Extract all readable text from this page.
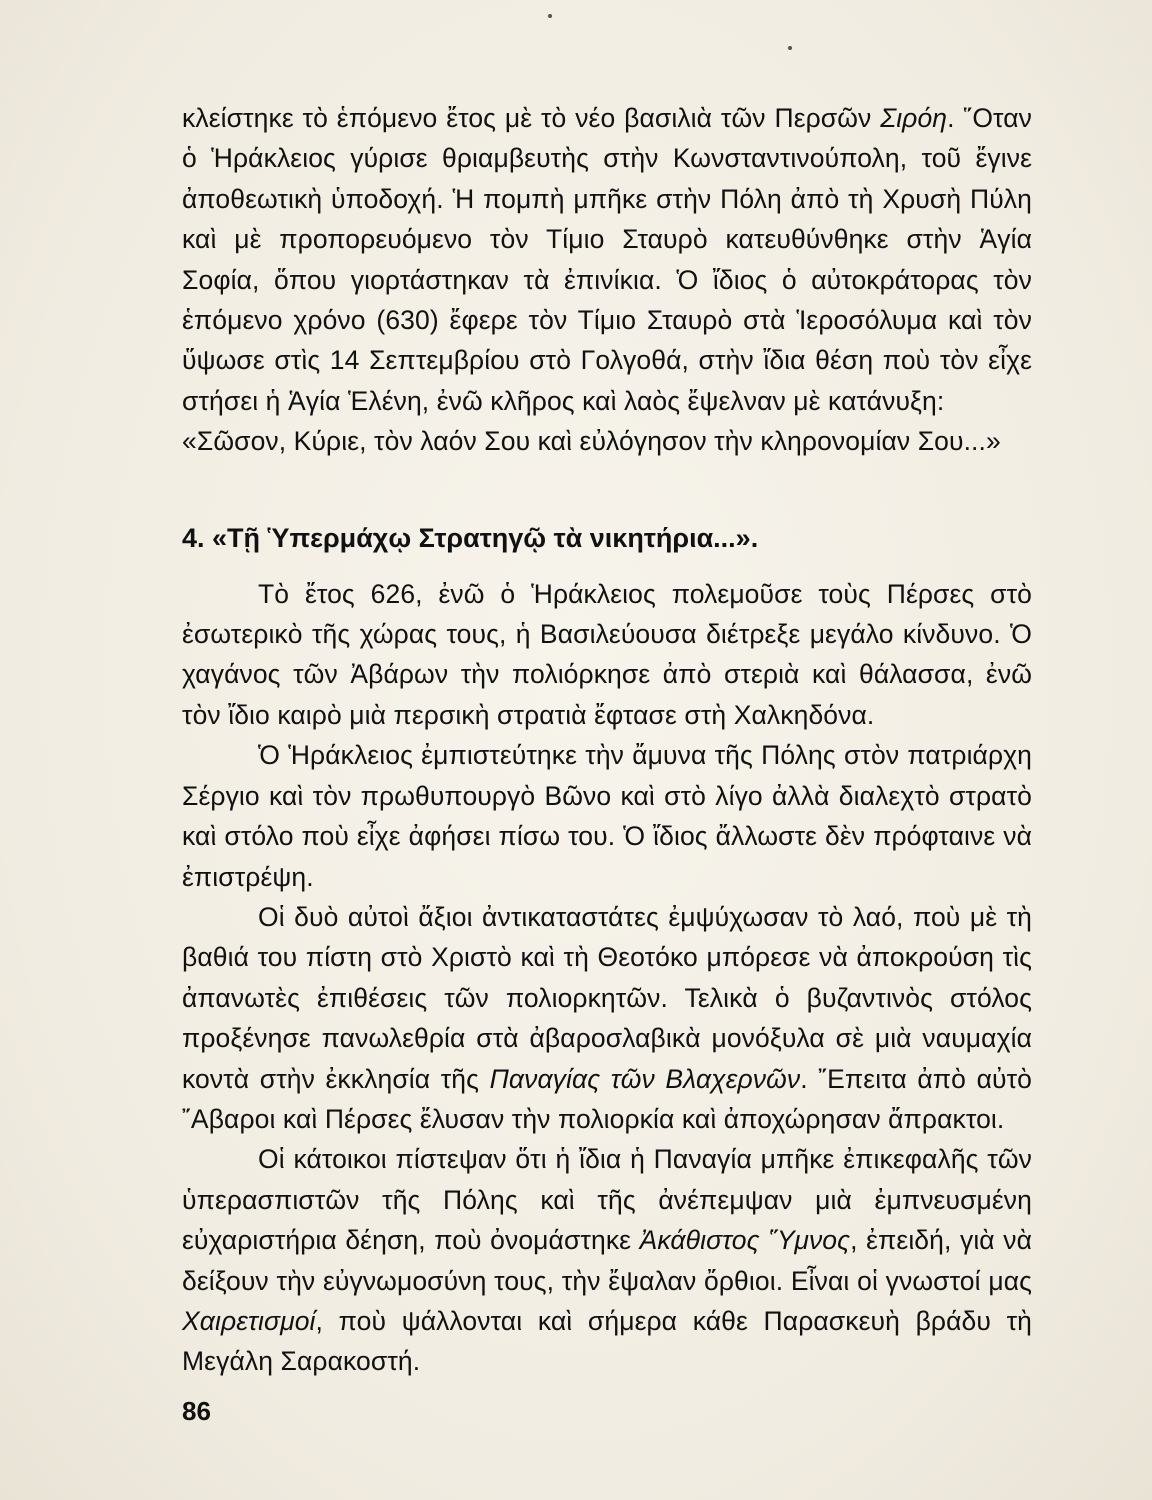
κλείστηκε τὸ ἑπόμενο ἔτος μὲ τὸ νέο βασιλιὰ τῶν Περσῶν Σιρόη. ῞Οταν ὁ Ἡράκλειος γύρισε θριαμβευτὴς στὴν Κωνσταντινούπολη, τοῦ ἔγινε ἀποθεωτικὴ ὑποδοχή. Ἡ πομπὴ μπῆκε στὴν Πόλη ἀπὸ τὴ Χρυσὴ Πύλη καὶ μὲ προπορευόμενο τὸν Τίμιο Σταυρὸ κατευθύνθηκε στὴν Ἁγία Σοφία, ὅπου γιορτάστηκαν τὰ ἐπινίκια. Ὁ ἴδιος ὁ αὐτοκράτορας τὸν ἑπόμενο χρόνο (630) ἔφερε τὸν Τίμιο Σταυρὸ στὰ Ἱεροσόλυμα καὶ τὸν ὕψωσε στὶς 14 Σεπτεμβρίου στὸ Γολγοθά, στὴν ἴδια θέση ποὺ τὸν εἶχε στήσει ἡ Ἁγία Ἑλένη, ἐνῶ κλῆρος καὶ λαὸς ἔψελναν μὲ κατάνυξη:

«Σῶσον, Κύριε, τὸν λαόν Σου καὶ εὐλόγησον τὴν κληρονομίαν Σου...»

4. «Τῇ Ὑπερμάχῳ Στρατηγῷ τὰ νικητήρια...».

Τὸ ἔτος 626, ἐνῶ ὁ Ἡράκλειος πολεμοῦσε τοὺς Πέρσες στὸ ἐσωτερικὸ τῆς χώρας τους, ἡ Βασιλεύουσα διέτρεξε μεγάλο κίνδυνο. Ὁ χαγάνος τῶν Ἀβάρων τὴν πολιόρκησε ἀπὸ στεριὰ καὶ θάλασσα, ἐνῶ τὸν ἴδιο καιρὸ μιὰ περσικὴ στρατιὰ ἔφτασε στὴ Χαλκηδόνα.

Ὁ Ἡράκλειος ἐμπιστεύτηκε τὴν ἄμυνα τῆς Πόλης στὸν πατριάρχη Σέργιο καὶ τὸν πρωθυπουργὸ Βῶνο καὶ στὸ λίγο ἀλλὰ διαλεχτὸ στρατὸ καὶ στόλο ποὺ εἶχε ἀφήσει πίσω του. Ὁ ἴδιος ἄλλωστε δὲν πρόφταινε νὰ ἐπιστρέψη.

Οἱ δυὸ αὐτοὶ ἄξιοι ἀντικαταστάτες ἐμψύχωσαν τὸ λαό, ποὺ μὲ τὴ βαθιά του πίστη στὸ Χριστὸ καὶ τὴ Θεοτόκο μπόρεσε νὰ ἀποκρούση τὶς ἀπανωτὲς ἐπιθέσεις τῶν πολιορκητῶν. Τελικὰ ὁ βυζαντινὸς στόλος προξένησε πανωλεθρία στὰ ἀβαροσλαβικὰ μονόξυλα σὲ μιὰ ναυμαχία κοντὰ στὴν ἐκκλησία τῆς Παναγίας τῶν Βλαχερνῶν. ῎Επειτα ἀπὸ αὐτὸ ῎Αβαροι καὶ Πέρσες ἔλυσαν τὴν πολιορκία καὶ ἀποχώρησαν ἄπρακτοι.

Οἱ κάτοικοι πίστεψαν ὅτι ἡ ἴδια ἡ Παναγία μπῆκε ἐπικεφαλῆς τῶν ὑπερασπιστῶν τῆς Πόλης καὶ τῆς ἀνέπεμψαν μιὰ ἐμπνευσμένη εὐχαριστήρια δέηση, ποὺ ὀνομάστηκε Ἀκάθιστος ῞Υμνος, ἐπειδή, γιὰ νὰ δείξουν τὴν εὐγνωμοσύνη τους, τὴν ἔψαλαν ὄρθιοι. Εἶναι οἱ γνωστοί μας Χαιρετισμοί, ποὺ ψάλλονται καὶ σήμερα κάθε Παρασκευὴ βράδυ τὴ Μεγάλη Σαρακοστή.

86
